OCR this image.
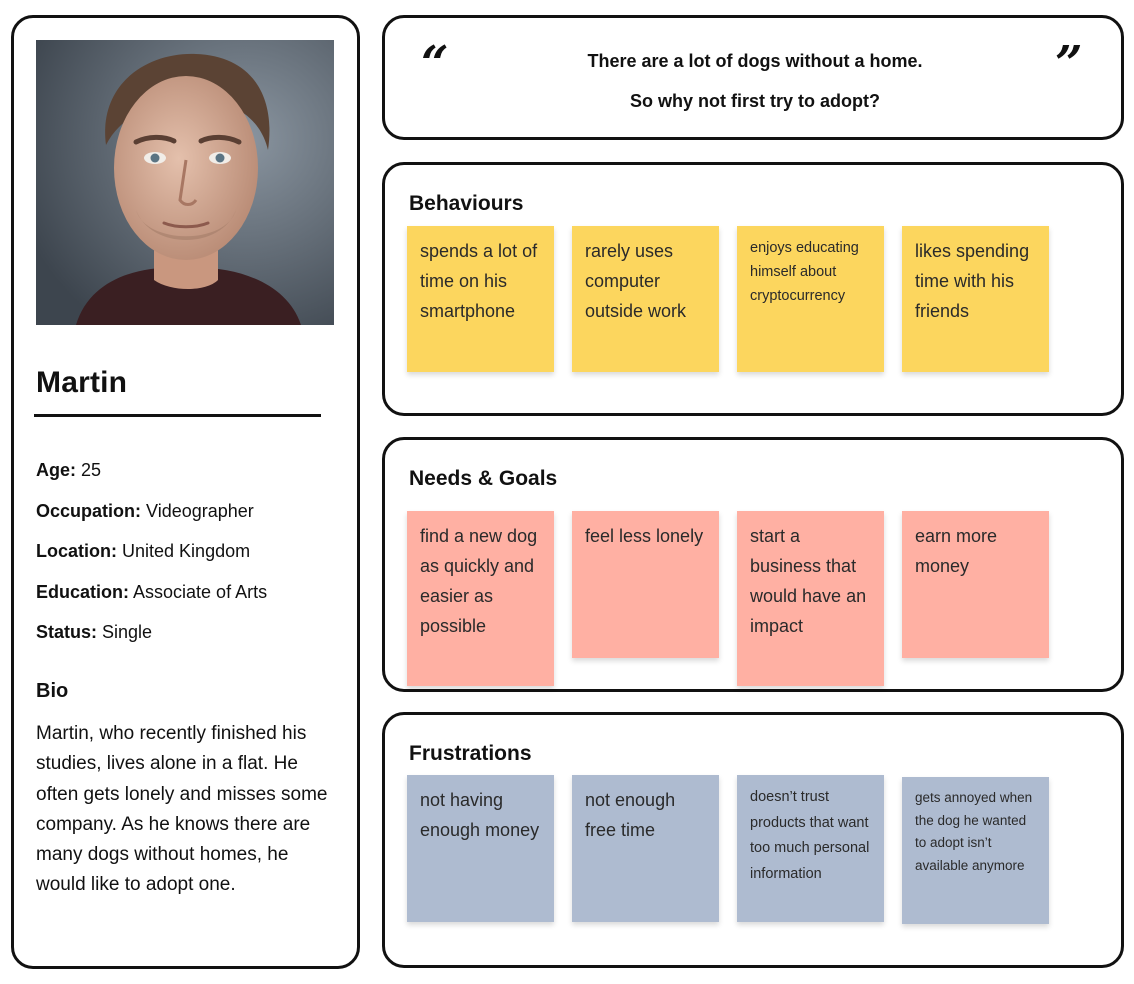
Martin
Age: 25
Occupation: Videographer
Location: United Kingdom
Education: Associate of Arts
Status: Single
Bio
Martin, who recently finished his studies, lives alone in a flat. He often gets lonely and misses some company. As he knows there are many dogs without homes, he would like to adopt one.
“	There are a lot of dogs without a home.
So why not first try to adopt?
”
Behaviours
spends a lot of time on his smartphone
rarely uses computer outside work
enjoys educating himself about cryptocurrency
likes spending time with his friends
Needs & Goals
find a new dog as quickly and easier as possible
feel less lonely	start a business that would have an impact
earn more money
Frustrations
not having enough money
not enough free time
doesn’t trust products that want too much personal information
gets annoyed when the dog he wanted to adopt isn’t available anymore
